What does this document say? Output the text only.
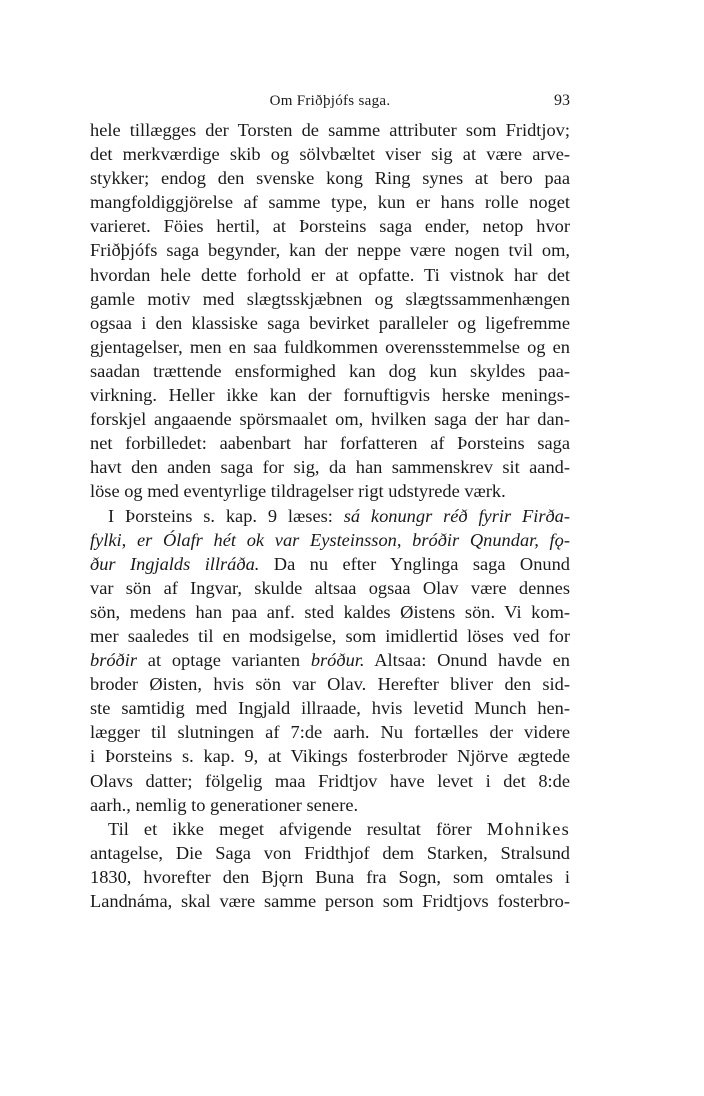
Om Friðþjófs saga.	93
hele tillægges der Torsten de samme attributer som Fridtjov;
det merkværdige skib og sölvbæltet viser sig at være arve-
stykker; endog den svenske kong Ring synes at bero paa
mangfoldiggjörelse af samme type, kun er hans rolle noget
varieret. Föies hertil, at Þorsteins saga ender, netop hvor
Friðþjófs saga begynder, kan der neppe være nogen tvil om,
hvordan hele dette forhold er at opfatte. Ti vistnok har det
gamle motiv med slægtsskjæbnen og slægtssammenhængen
ogsaa i den klassiske saga bevirket paralleler og ligefremme
gjentagelser, men en saa fuldkommen overensstemmelse og en
saadan trættende ensformighed kan dog kun skyldes paa-
virkning. Heller ikke kan der fornuftigvis herske menings-
forskjel angaaende spörsmaalet om, hvilken saga der har dan-
net forbilledet: aabenbart har forfatteren af Þorsteins saga
havt den anden saga for sig, da han sammenskrev sit aand-
löse og med eventyrlige tildragelser rigt udstyrede værk.
I Þorsteins s. kap. 9 læses: sá konungr réð fyrir Firða-
fylki, er Ólafr hét ok var Eysteinsson, bróðir Qnundar, fǫ-
ður Ingjalds illráða. Da nu efter Ynglinga saga Onund
var sön af Ingvar, skulde altsaa ogsaa Olav være dennes
sön, medens han paa anf. sted kaldes Øistens sön. Vi kom-
mer saaledes til en modsigelse, som imidlertid löses ved for
bróðir at optage varianten bróður. Altsaa: Onund havde en
broder Øisten, hvis sön var Olav. Herefter bliver den sid-
ste samtidig med Ingjald illraade, hvis levetid Munch hen-
lægger til slutningen af 7:de aarh. Nu fortælles der videre
i Þorsteins s. kap. 9, at Vikings fosterbroder Njörve ægtede
Olavs datter; fölgelig maa Fridtjov have levet i det 8:de
aarh., nemlig to generationer senere.
Til et ikke meget afvigende resultat förer Mohnikes
antagelse, Die Saga von Fridthjof dem Starken, Stralsund
1830, hvorefter den Bjǫrn Buna fra Sogn, som omtales i
Landnáma, skal være samme person som Fridtjovs fosterbro-
